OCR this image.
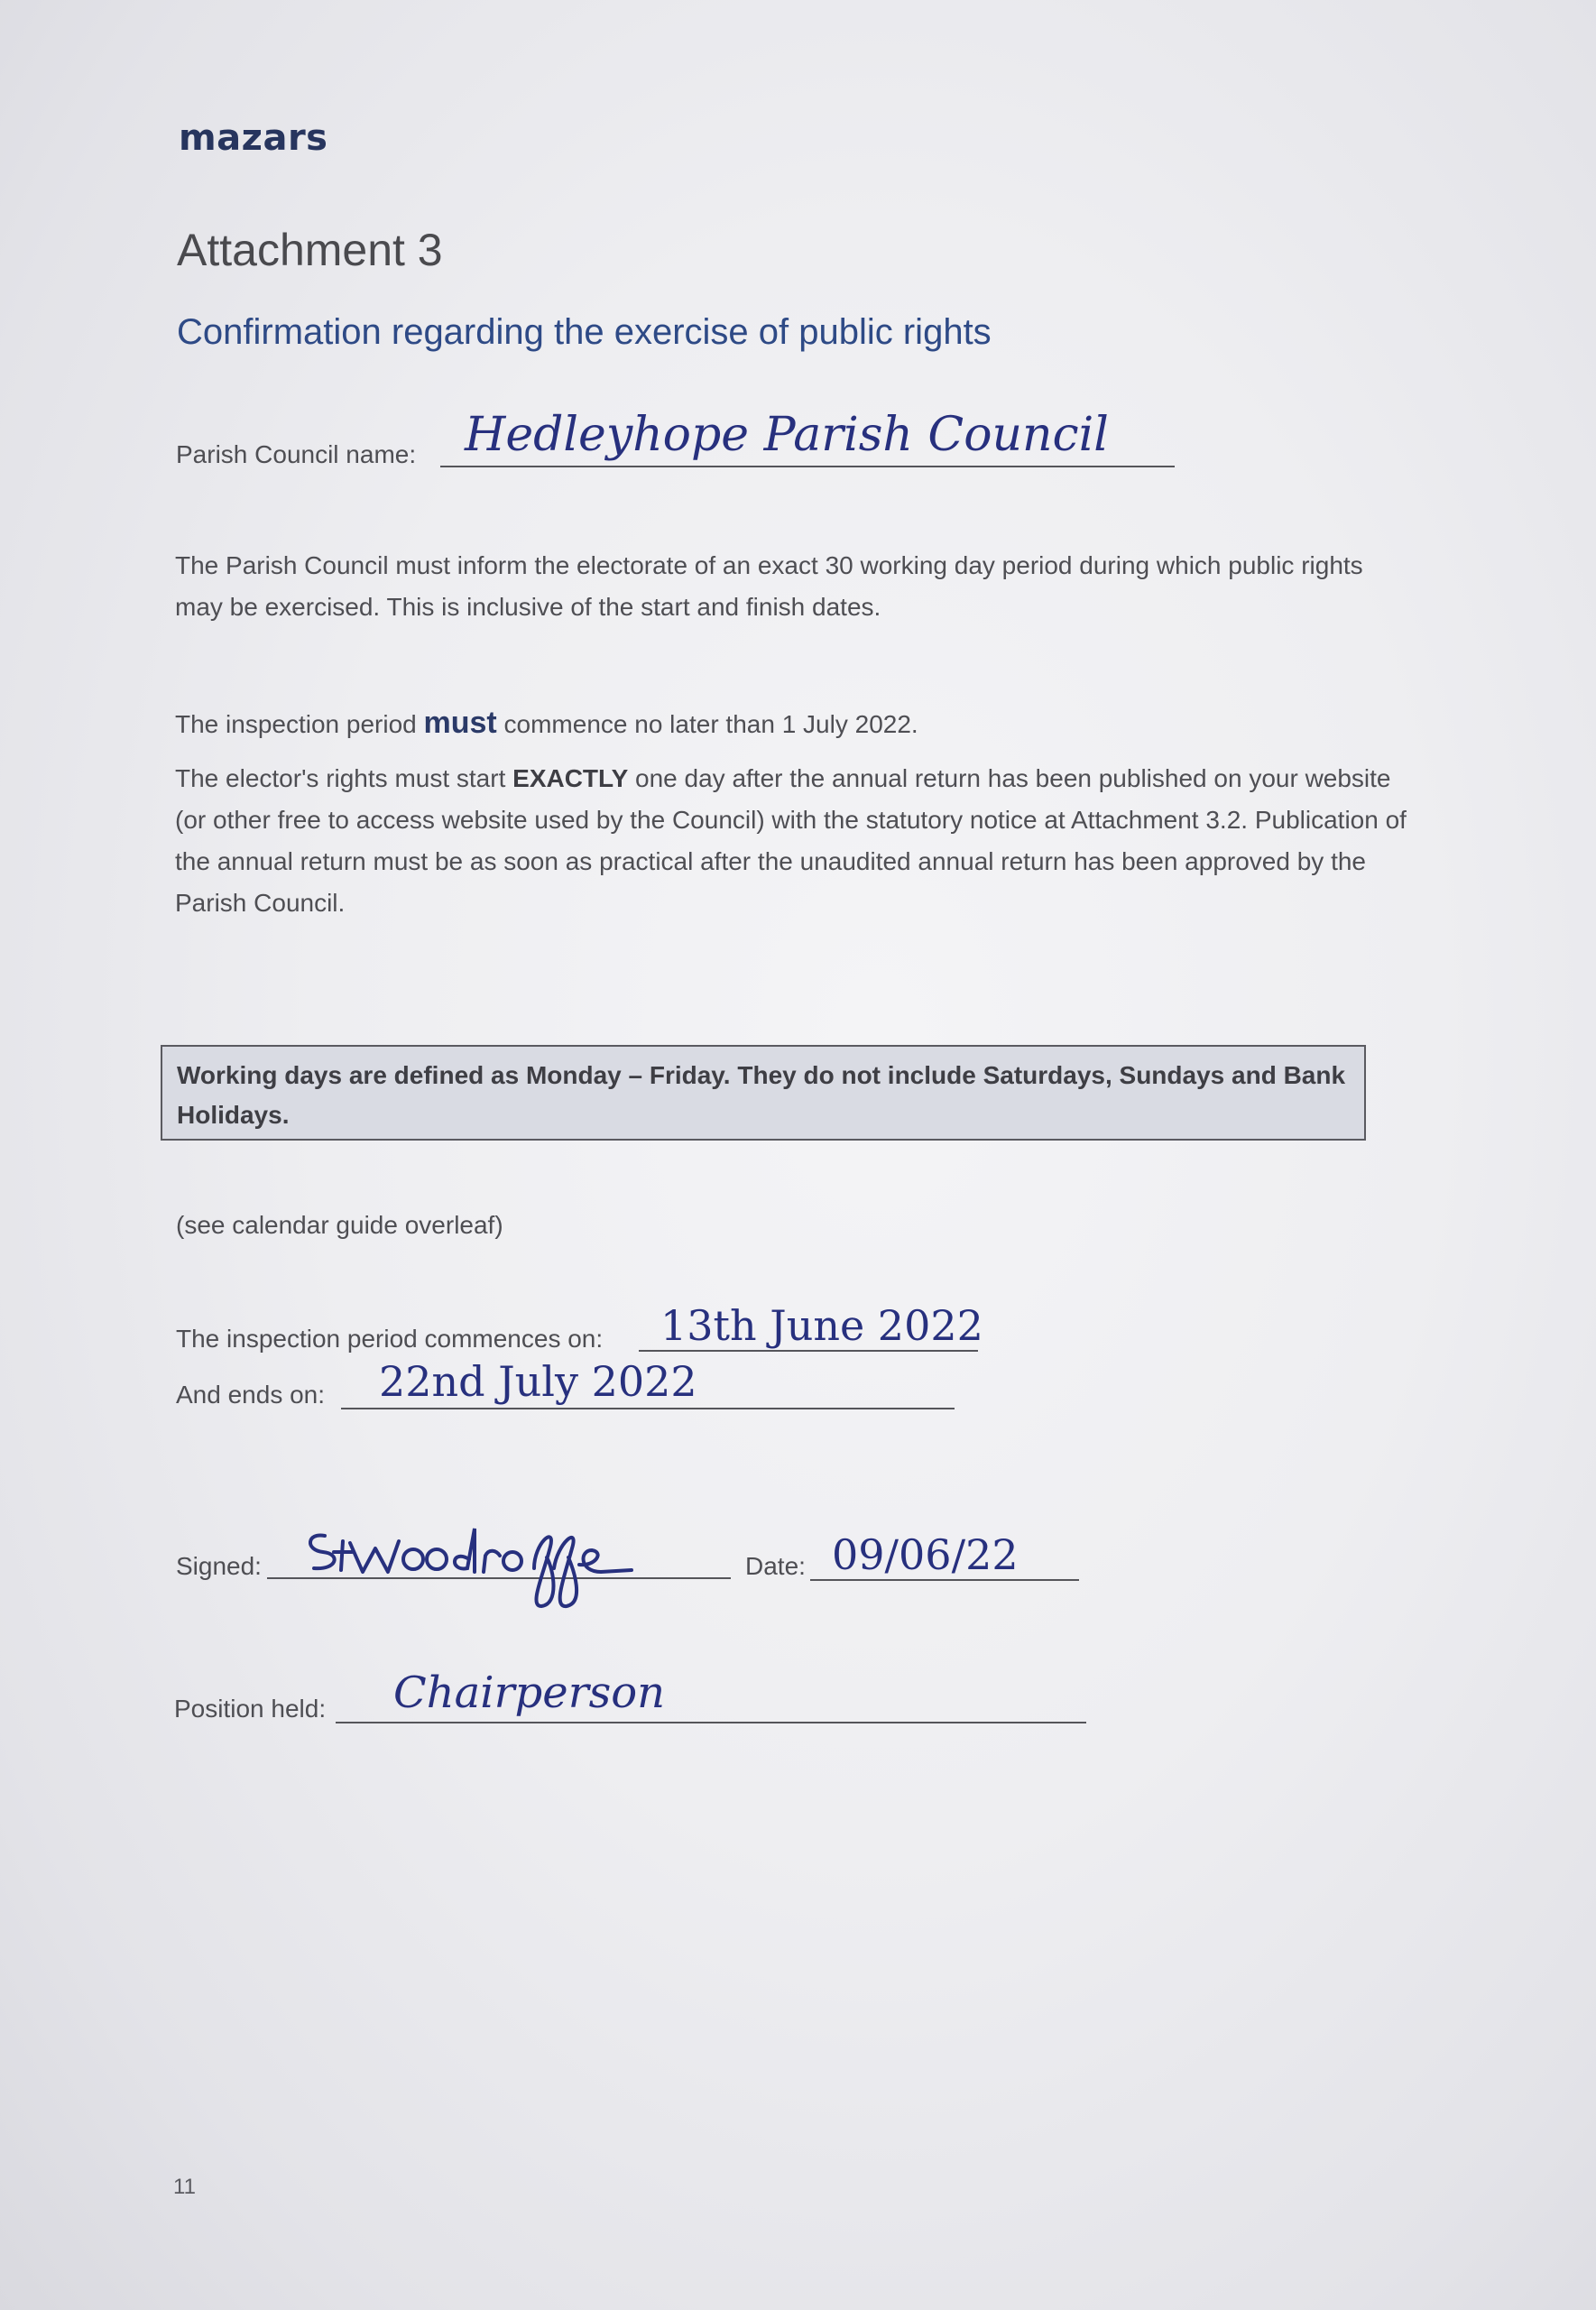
mazars
Attachment 3
Confirmation regarding the exercise of public rights
Parish Council name: Hedleyhope Parish Council
The Parish Council must inform the electorate of an exact 30 working day period during which public rights may be exercised. This is inclusive of the start and finish dates.
The inspection period must commence no later than 1 July 2022.
The elector's rights must start EXACTLY one day after the annual return has been published on your website (or other free to access website used by the Council) with the statutory notice at Attachment 3.2. Publication of the annual return must be as soon as practical after the unaudited annual return has been approved by the Parish Council.
Working days are defined as Monday – Friday. They do not include Saturdays, Sundays and Bank Holidays.
(see calendar guide overleaf)
The inspection period commences on: 13th June 2022
And ends on: 22nd July 2022
Signed:	Date: 09/06/22
Position held: Chairperson
11
